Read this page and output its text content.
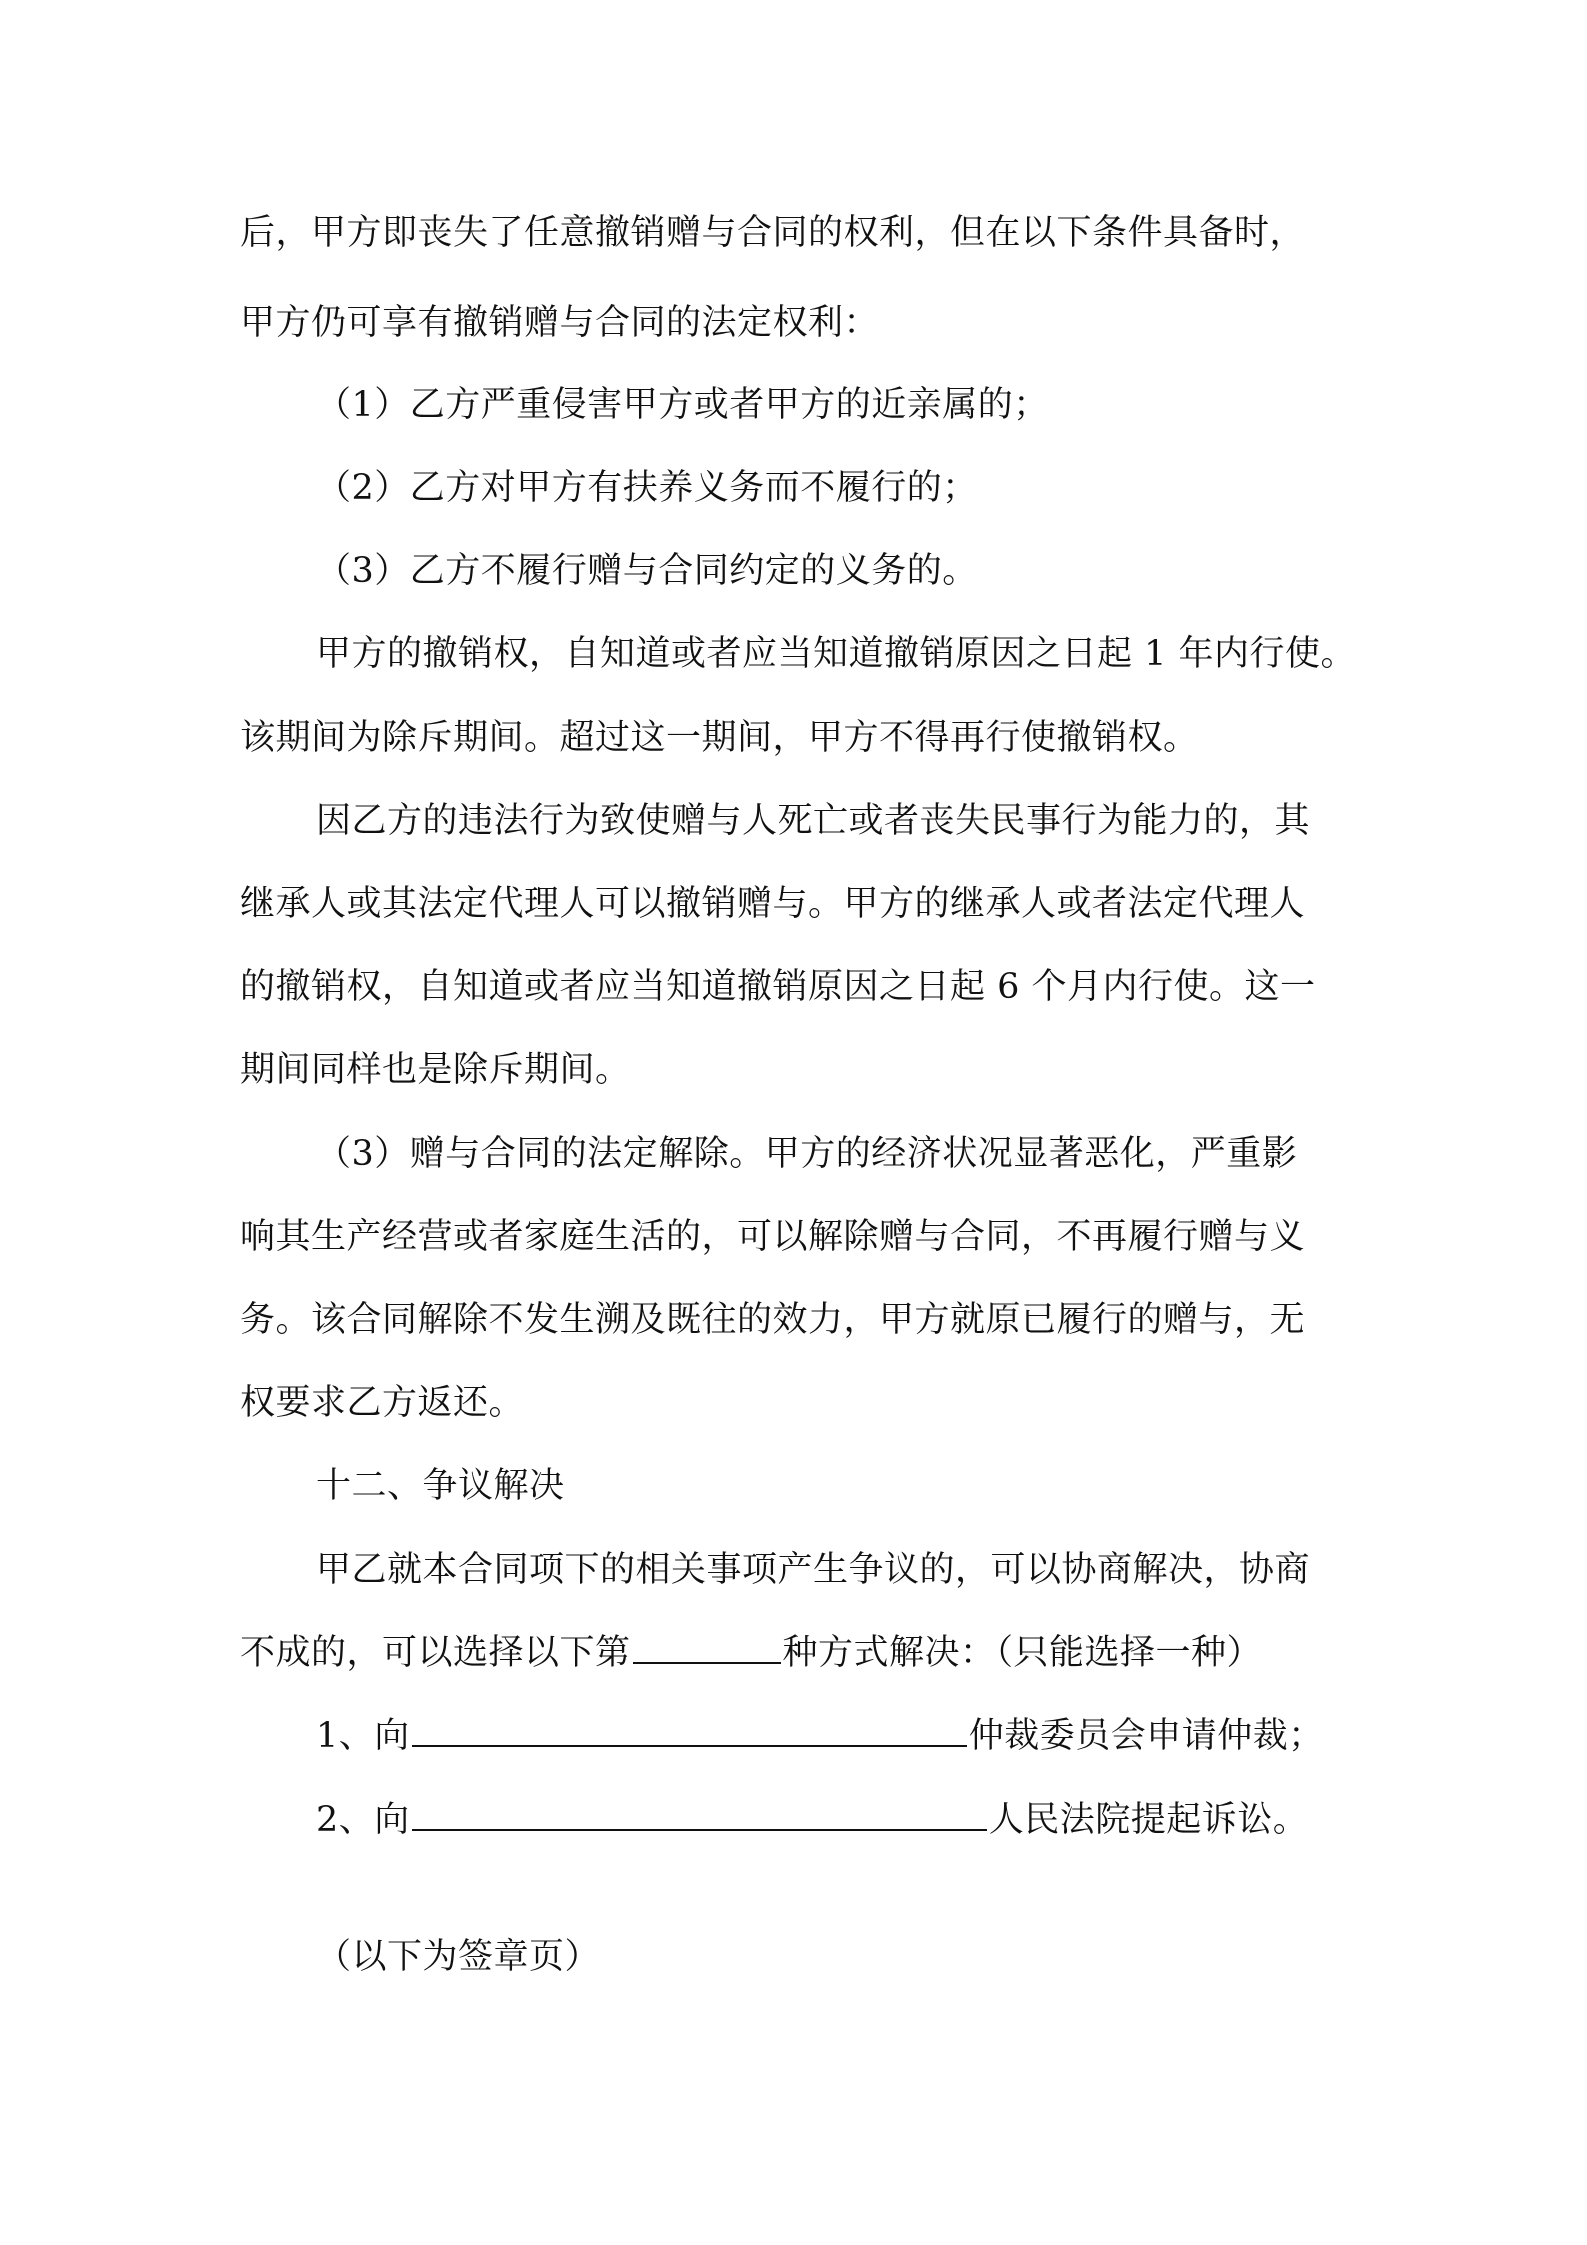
后，甲方即丧失了任意撤销赠与合同的权利，但在以下条件具备时，
甲方仍可享有撤销赠与合同的法定权利：
（1）乙方严重侵害甲方或者甲方的近亲属的；
（2）乙方对甲方有扶养义务而不履行的；
（3）乙方不履行赠与合同约定的义务的。
甲方的撤销权，自知道或者应当知道撤销原因之日起 1 年内行使。
该期间为除斥期间。超过这一期间，甲方不得再行使撤销权。
因乙方的违法行为致使赠与人死亡或者丧失民事行为能力的，其
继承人或其法定代理人可以撤销赠与。甲方的继承人或者法定代理人
的撤销权，自知道或者应当知道撤销原因之日起 6 个月内行使。这一
期间同样也是除斥期间。
（3）赠与合同的法定解除。甲方的经济状况显著恶化，严重影
响其生产经营或者家庭生活的，可以解除赠与合同，不再履行赠与义
务。该合同解除不发生溯及既往的效力，甲方就原已履行的赠与，无
权要求乙方返还。
十二、争议解决
甲乙就本合同项下的相关事项产生争议的，可以协商解决，协商
不成的，可以选择以下第	种方式解决：（只能选择一种）
1、向	仲裁委员会申请仲裁；
2、向	人民法院提起诉讼。
（以下为签章页）
